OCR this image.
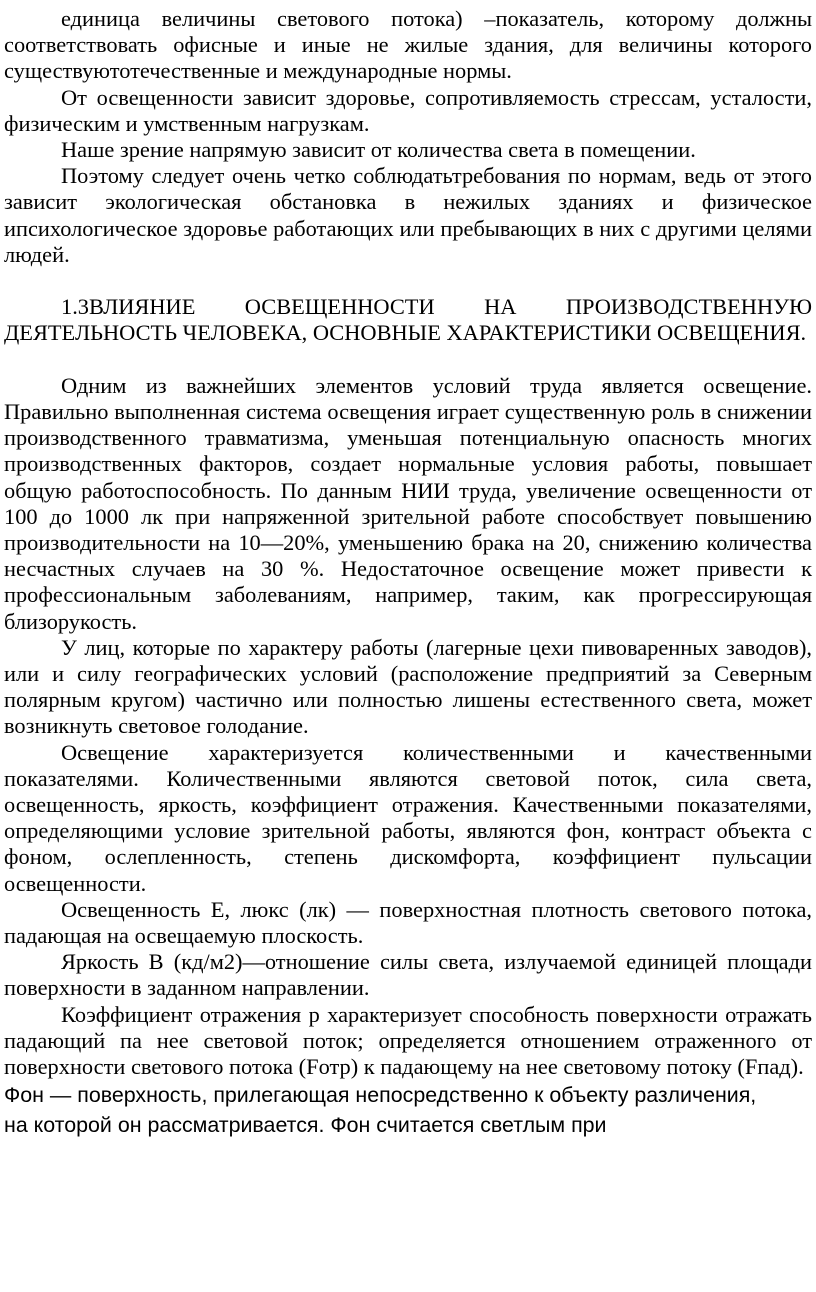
единица величины светового потока) –показатель, которому должны соответствовать офисные и иные не жилые здания, для величины которого существуютотечественные и международные нормы.

От освещенности зависит здоровье, сопротивляемость стрессам, усталости, физическим и умственным нагрузкам.

Наше зрение напрямую зависит от количества света в помещении.

Поэтому следует очень четко соблюдатьтребования по нормам, ведь от этого зависит экологическая обстановка в нежилых зданиях и физическое ипсихологическое здоровье работающих или пребывающих в них с другими целями людей.

1.3ВЛИЯНИЕ ОСВЕЩЕННОСТИ НА ПРОИЗВОДСТВЕННУЮ ДЕЯТЕЛЬНОСТЬ ЧЕЛОВЕКА, ОСНОВНЫЕ ХАРАКТЕРИСТИКИ ОСВЕЩЕНИЯ.

Одним из важнейших элементов условий труда является освещение. Правильно выполненная система освещения играет существенную роль в снижении производственного травматизма, уменьшая потенциальную опасность многих производственных факторов, создает нормальные условия работы, повышает общую работоспособность. По данным НИИ труда, увеличение освещенности от 100 до 1000 лк при напряженной зрительной работе способствует повышению производительности на 10—20%, уменьшению брака на 20, снижению количества несчастных случаев на 30 %. Недостаточное освещение может привести к профессиональным заболеваниям, например, таким, как прогрессирующая близорукость.

У лиц, которые по характеру работы (лагерные цехи пивоваренных заводов), или и силу географических условий (расположение предприятий за Северным полярным кругом) частично или полностью лишены естественного света, может возникнуть световое голодание.

Освещение характеризуется количественными и качественными показателями. Количественными являются световой поток, сила света, освещенность, яркость, коэффициент отражения. Качественными показателями, определяющими условие зрительной работы, являются фон, контраст объекта с фоном, ослепленность, степень дискомфорта, коэффициент пульсации освещенности.

Освещенность Е, люкс (лк) — поверхностная плотность светового потока, падающая на освещаемую плоскость.

Яркость В (кд/м2)—отношение силы света, излучаемой единицей площади поверхности в заданном направлении.

Коэффициент отражения р характеризует способность поверхности отражать падающий па нее световой поток; определяется отношением отраженного от поверхности светового потока (Fотр) к падающему на нее световому потоку (Fпад).

Фон — поверхность, прилегающая непосредственно к объекту различения,

на которой он рассматривается. Фон считается светлым при
